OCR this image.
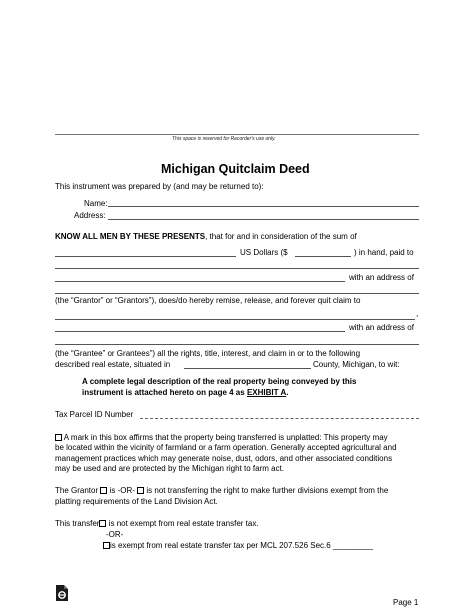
This space is reserved for Recorder's use only.
Michigan Quitclaim Deed
This instrument was prepared by (and may be returned to):
Name:
Address:
KNOW ALL MEN BY THESE PRESENTS, that for and in consideration of the sum of
US Dollars ($	) in hand, paid to
with an address of
(the “Grantor” or “Grantors”), does/do hereby remise, release, and forever quit claim to
,
with an address of
(the “Grantee” or Grantees”) all the rights, title, interest, and claim in or to the following
described real estate, situated in	County, Michigan, to wit:
A complete legal description of the real property being conveyed by this
instrument is attached hereto on page 4 as EXHIBIT A.
Tax Parcel ID Number
A mark in this box affirms that the property being transferred is unplatted: This property may
be located within the vicinity of farmland or a farm operation. Generally accepted agricultural and
management practices which may generate noise, dust, odors, and other associated conditions
may be used and are protected by the Michigan right to farm act.
The Grantor is -OR- is not transferring the right to make further divisions exempt from the
platting requirements of the Land Division Act.
This transfer is not exempt from real estate transfer tax.
-OR-
is exempt from real estate transfer tax per MCL 207.526 Sec.6 _________
Page 1
